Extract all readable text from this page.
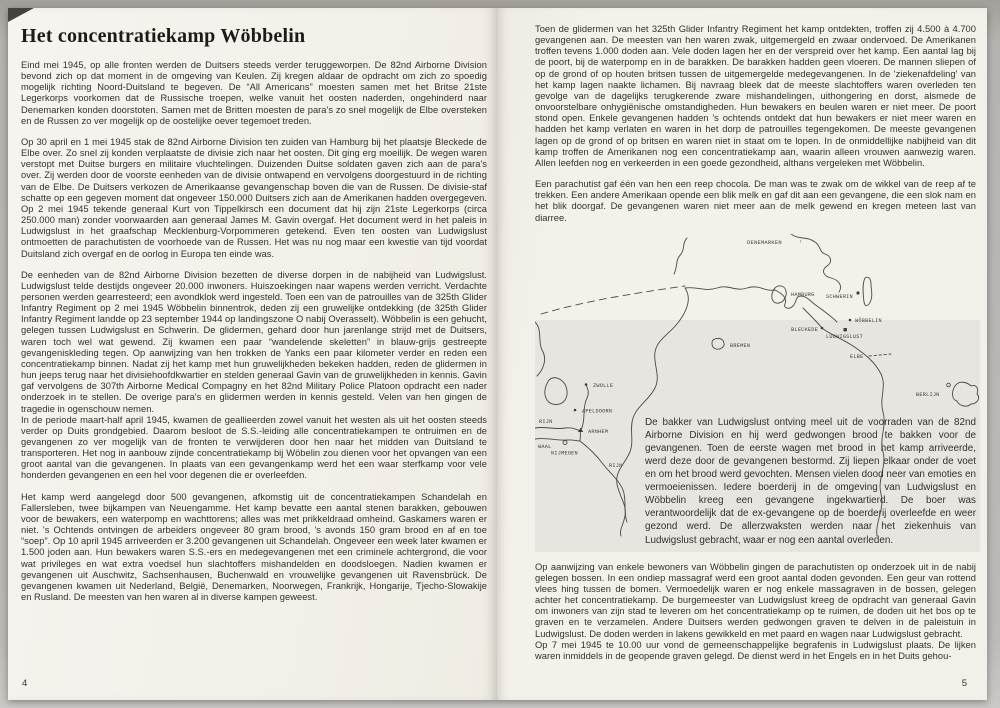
Het concentratiekamp Wöbbelin

Eind mei 1945, op alle fronten werden de Duitsers steeds verder teruggeworpen. De 82nd Airborne Division bevond zich op dat moment in de omgeving van Keulen. Zij kregen aldaar de opdracht om zich zo spoedig mogelijk richting Noord-Duitsland te begeven. De “All Americans” moesten samen met het Britse 21ste Legerkorps voorkomen dat de Russische troepen, welke vanuit het oosten naderden, ongehinderd naar Denemarken konden doorstoten. Samen met de Britten moesten de para's zo snel mogelijk de Elbe oversteken en de Russen zo ver mogelijk op de oostelijke oever tegemoet treden.

Op 30 april en 1 mei 1945 stak de 82nd Airborne Division ten zuiden van Hamburg bij het plaatsje Bleckede de Elbe over. Zo snel zij konden verplaatste de divisie zich naar het oosten. Dit ging erg moeilijk. De wegen waren verstopt met Duitse burgers en militaire vluchtelingen. Duizenden Duitse soldaten gaven zich aan de para's over. Zij werden door de voorste eenheden van de divisie ontwapend en vervolgens doorgestuurd in de richting van de Elbe. De Duitsers verkozen de Amerikaanse gevangenschap boven die van de Russen. De divisie-staf schatte op een gegeven moment dat ongeveer 150.000 Duitsers zich aan de Amerikanen hadden overgegeven. Op 2 mei 1945 tekende generaal Kurt von Tippelkirsch een document dat hij zijn 21ste Legerkorps (circa 250.000 man) zonder voorwaarden aan generaal James M. Gavin overgaf. Het document werd in het paleis in Ludwigslust in het graafschap Mecklenburg-Vorpommeren getekend. Even ten oosten van Ludwigslust ontmoetten de parachutisten de voorhoede van de Russen. Het was nu nog maar een kwestie van tijd voordat Duitsland zich overgaf en de oorlog in Europa ten einde was.

De eenheden van de 82nd Airborne Division bezetten de diverse dorpen in de nabijheid van Ludwigslust. Ludwigslust telde destijds ongeveer 20.000 inwoners. Huiszoekingen naar wapens werden verricht. Verdachte personen werden gearresteerd; een avondklok werd ingesteld. Toen een van de patrouilles van de 325th Glider Infantry Regiment op 2 mei 1945 Wöbbelin binnentrok, deden zij een gruwelijke ontdekking (de 325th Glider Infantry Regiment landde op 23 september 1944 op landingszone O nabij Overasselt). Wöbbelin is een gehucht, gelegen tussen Ludwigslust en Schwerin. De glidermen, gehard door hun jarenlange strijd met de Duitsers, waren toch wel wat gewend. Zij kwamen een paar “wandelende skeletten” in blauw-grijs gestreepte gevangeniskleding tegen. Op aanwijzing van hen trokken de Yanks een paar kilometer verder en reden een concentratiekamp binnen. Nadat zij het kamp met hun gruwelijkheden bekeken hadden, reden de glidermen in hun jeeps terug naar het divisiehoofdkwartier en stelden generaal Gavin van de gruwelijkheden in kennis. Gavin gaf vervolgens de 307th Airborne Medical Compagny en het 82nd Military Police Platoon opdracht een nader onderzoek in te stellen. De overige para's en glidermen werden in kennis gesteld. Velen van hen gingen de tragedie in ogenschouw nemen.

In de periode maart-half april 1945, kwamen de geallieerden zowel vanuit het westen als uit het oosten steeds verder op Duits grondgebied. Daarom besloot de S.S.-leiding alle concentratiekampen te ontruimen en de gevangenen zo ver mogelijk van de fronten te verwijderen door hen naar het midden van Duitsland te transporteren. Het nog in aanbouw zijnde concentratiekamp bij Wöbelin zou dienen voor het opvangen van een groot aantal van die gevangenen. In plaats van een gevangenkamp werd het een waar sterfkamp voor vele honderden gevangenen en een hel voor degenen die er overleefden.

Het kamp werd aangelegd door 500 gevangenen, afkomstig uit de concentratiekampen Schandelah en Fallersleben, twee bijkampen van Neuengamme. Het kamp bevatte een aantal stenen barakken, gebouwen voor de bewakers, een waterpomp en wachttorens; alles was met prikkeldraad omheind. Gaskamers waren er niet. 's Ochtends ontvingen de arbeiders ongeveer 80 gram brood, 's avonds 150 gram brood en af en toe “soep”. Op 10 april 1945 arriveerden er 3.200 gevangenen uit Schandelah. Ongeveer een week later kwamen er 1.500 joden aan. Hun bewakers waren S.S.-ers en medegevangenen met een criminele achtergrond, die voor wat privileges en wat extra voedsel hun slachtoffers mishandelden en doodsloegen. Nadien kwamen er gevangenen uit Auschwitz, Sachsenhausen, Buchenwald en vrouwelijke gevangenen uit Ravensbrück. De gevangenen kwamen uit Nederland, België, Denemarken, Noorwegen, Frankrijk, Hongarije, Tjecho-Slowakije en Rusland. De meesten van hen waren al in diverse kampen geweest.

4

Toen de glidermen van het 325th Glider Infantry Regiment het kamp ontdekten, troffen zij 4.500 à 4.700 gevangenen aan. De meesten van hen waren zwak, uitgemergeld en zwaar ondervoed. De Amerikanen troffen tevens 1.000 doden aan. Vele doden lagen her en der verspreid over het kamp. Een aantal lag bij de poort, bij de waterpomp en in de barakken. De barakken hadden geen vloeren. De mannen sliepen of op de grond of op houten britsen tussen de uitgemergelde medegevangenen. In de 'ziekenafdeling' van het kamp lagen naakte lichamen. Bij navraag bleek dat de meeste slachtoffers waren overleden ten gevolge van de dagelijks terugkerende zware mishandelingen, uithongering en dorst, alsmede de onvoorstelbare onhygiënische omstandigheden. Hun bewakers en beulen waren er niet meer. De poort stond open. Enkele gevangenen hadden 's ochtends ontdekt dat hun bewakers er niet meer waren en hadden het kamp verlaten en waren in het dorp de patrouilles tegengekomen. De meeste gevangenen lagen op de grond of op britsen en waren niet in staat om te lopen. In de onmiddellijke nabijheid van dit kamp troffen de Amerikanen nog een concentratiekamp aan, waarin alleen vrouwen aanwezig waren. Allen leefden nog en verkeerden in een goede gezondheid, althans vergeleken met Wöbbelin.

Een parachutist gaf één van hen een reep chocola. De man was te zwak om de wikkel van de reep af te trekken. Een andere Amerikaan opende een blik melk en gaf dit aan een gevangene, die een slok nam en het blik doorgaf. De gevangenen waren niet meer aan de melk gewend en kregen meteen last van diarree.

DENEMARKEN	↑
HAMBURG SCHWERIN
WÖBBELIN
BLECKEDE
LUDWIGSLUST
BREMEN
ELBE
BERLIJN
ZWOLLE
APELDOORN
ARNHEM
RIJN
WAAL
NIJMEGEN
RIJN
De bakker van Ludwigslust ontving meel uit de voorraden van de 82nd Airborne Division en hij werd gedwongen brood te bakken voor de gevangenen. Toen de eerste wagen met brood in het kamp arriveerde, werd deze door de gevangenen bestormd. Zij liepen elkaar onder de voet en om het brood werd gevochten. Mensen vielen dood neer van emoties en vermoeienissen. Iedere boerderij in de omgeving van Ludwigslust en Wöbbelin kreeg een gevangene ingekwartierd. De boer was verantwoordelijk dat de ex-gevangene op de boerderij overleefde en weer gezond werd. De allerzwaksten werden naar het ziekenhuis van Ludwigslust gebracht, waar er nog een aantal overleden.

Op aanwijzing van enkele bewoners van Wöbbelin gingen de parachutisten op onderzoek uit in de nabij gelegen bossen. In een ondiep massagraf werd een groot aantal doden gevonden. Een geur van rottend vlees hing tussen de bomen. Vermoedelijk waren er nog enkele massagraven in de bossen, gelegen achter het concentratiekamp. De burgemeester van Ludwigslust kreeg de opdracht van generaal Gavin om inwoners van zijn stad te leveren om het concentratiekamp op te ruimen, de doden uit het bos op te graven en te verzamelen. Andere Duitsers werden gedwongen graven te delven in de paleistuin in Ludwigslust. De doden werden in lakens gewikkeld en met paard en wagen naar Ludwigslust gebracht.

Op 7 mei 1945 te 10.00 uur vond de gemeenschappelijke begrafenis in Ludwigslust plaats. De lijken waren inmiddels in de geopende graven gelegd. De dienst werd in het Engels en in het Duits gehou-

5
